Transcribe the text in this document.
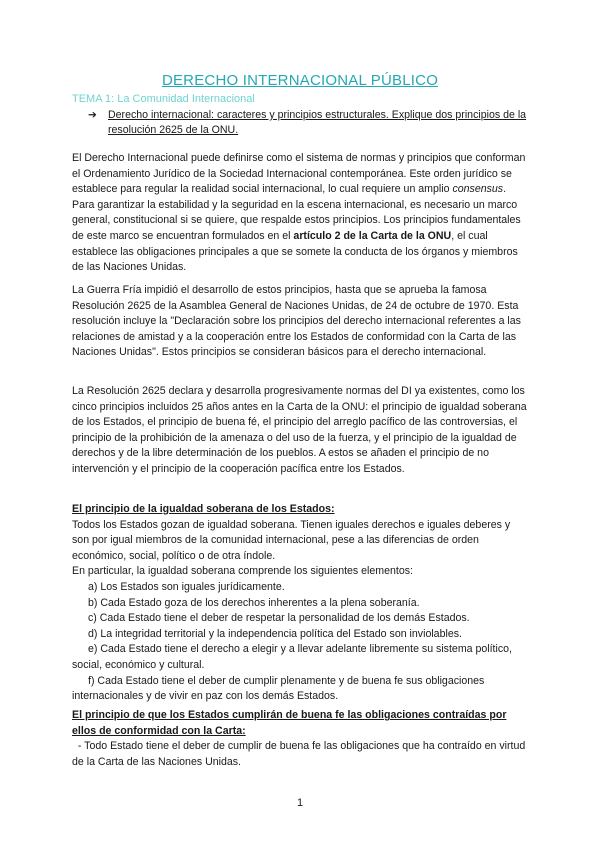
DERECHO INTERNACIONAL PÚBLICO
TEMA 1: La Comunidad Internacional
➔ Derecho internacional: caracteres y principios estructurales. Explique dos principios de la resolución 2625 de la ONU.

El Derecho Internacional puede definirse como el sistema de normas y principios que conforman el Ordenamiento Jurídico de la Sociedad Internacional contemporánea. Este orden jurídico se establece para regular la realidad social internacional, lo cual requiere un amplio consensus. Para garantizar la estabilidad y la seguridad en la escena internacional, es necesario un marco general, constitucional si se quiere, que respalde estos principios. Los principios fundamentales de este marco se encuentran formulados en el artículo 2 de la Carta de la ONU, el cual establece las obligaciones principales a que se somete la conducta de los órganos y miembros de las Naciones Unidas.

La Guerra Fría impidió el desarrollo de estos principios, hasta que se aprueba la famosa Resolución 2625 de la Asamblea General de Naciones Unidas, de 24 de octubre de 1970. Esta resolución incluye la "Declaración sobre los principios del derecho internacional referentes a las relaciones de amistad y a la cooperación entre los Estados de conformidad con la Carta de las Naciones Unidas". Estos principios se consideran básicos para el derecho internacional.

La Resolución 2625 declara y desarrolla progresivamente normas del DI ya existentes, como los cinco principios incluidos 25 años antes en la Carta de la ONU: el principio de igualdad soberana de los Estados, el principio de buena fé, el principio del arreglo pacífico de las controversias, el principio de la prohibición de la amenaza o del uso de la fuerza, y el principio de la igualdad de derechos y de la libre determinación de los pueblos. A estos se añaden el principio de no intervención y el principio de la cooperación pacífica entre los Estados.

El principio de la igualdad soberana de los Estados:

Todos los Estados gozan de igualdad soberana. Tienen iguales derechos e iguales deberes y son por igual miembros de la comunidad internacional, pese a las diferencias de orden económico, social, político o de otra índole.

En particular, la igualdad soberana comprende los siguientes elementos:

a) Los Estados son iguales jurídicamente.

b) Cada Estado goza de los derechos inherentes a la plena soberanía.

c) Cada Estado tiene el deber de respetar la personalidad de los demás Estados.

d) La integridad territorial y la independencia política del Estado son inviolables.

e) Cada Estado tiene el derecho a elegir y a llevar adelante libremente su sistema político, social, económico y cultural.

f) Cada Estado tiene el deber de cumplir plenamente y de buena fe sus obligaciones internacionales y de vivir en paz con los demás Estados.

El principio de que los Estados cumplirán de buena fe las obligaciones contraídas por ellos de conformidad con la Carta:

- Todo Estado tiene el deber de cumplir de buena fe las obligaciones que ha contraído en virtud de la Carta de las Naciones Unidas.

1
